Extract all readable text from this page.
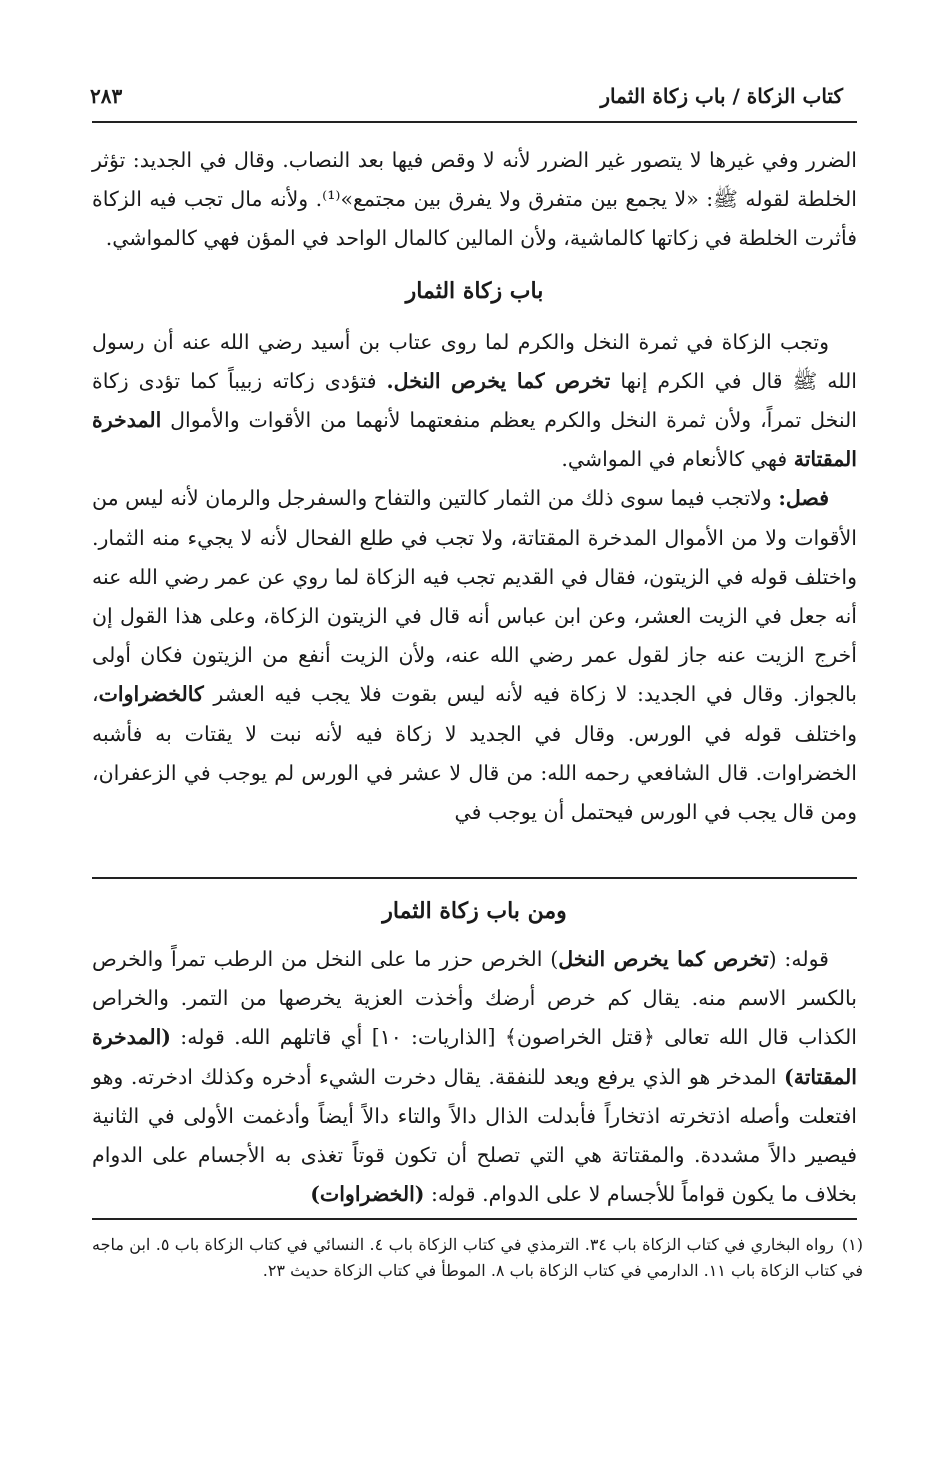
كتاب الزكاة / باب زكاة الثمار
٢٨٣

الضرر وفي غيرها لا يتصور غير الضرر لأنه لا وقص فيها بعد النصاب. وقال في الجديد: تؤثر الخلطة لقوله ﷺ: «لا يجمع بين متفرق ولا يفرق بين مجتمع»⁽¹⁾. ولأنه مال تجب فيه الزكاة فأثرت الخلطة في زكاتها كالماشية، ولأن المالين كالمال الواحد في المؤن فهي كالمواشي.

باب زكاة الثمار

وتجب الزكاة في ثمرة النخل والكرم لما روى عتاب بن أسيد رضي الله عنه أن رسول الله ﷺ قال في الكرم إنها تخرص كما يخرص النخل. فتؤدى زكاته زبيباً كما تؤدى زكاة النخل تمراً، ولأن ثمرة النخل والكرم يعظم منفعتهما لأنهما من الأقوات والأموال المدخرة المقتاتة فهي كالأنعام في المواشي.

فصل: ولاتجب فيما سوى ذلك من الثمار كالتين والتفاح والسفرجل والرمان لأنه ليس من الأقوات ولا من الأموال المدخرة المقتاتة، ولا تجب في طلع الفحال لأنه لا يجيء منه الثمار. واختلف قوله في الزيتون، فقال في القديم تجب فيه الزكاة لما روي عن عمر رضي الله عنه أنه جعل في الزيت العشر، وعن ابن عباس أنه قال في الزيتون الزكاة، وعلى هذا القول إن أخرج الزيت عنه جاز لقول عمر رضي الله عنه، ولأن الزيت أنفع من الزيتون فكان أولى بالجواز. وقال في الجديد: لا زكاة فيه لأنه ليس بقوت فلا يجب فيه العشر كالخضراوات، واختلف قوله في الورس. وقال في الجديد لا زكاة فيه لأنه نبت لا يقتات به فأشبه الخضراوات. قال الشافعي رحمه الله: من قال لا عشر في الورس لم يوجب في الزعفران، ومن قال يجب في الورس فيحتمل أن يوجب في

ومن باب زكاة الثمار

قوله: (تخرص كما يخرص النخل) الخرص حزر ما على النخل من الرطب تمراً والخرص بالكسر الاسم منه. يقال كم خرص أرضك وأخذت العزية يخرصها من التمر. والخراص الكذاب قال الله تعالى ﴿قتل الخراصون﴾ [الذاريات: ١٠] أي قاتلهم الله. قوله: (المدخرة المقتاتة) المدخر هو الذي يرفع ويعد للنفقة. يقال دخرت الشيء أدخره وكذلك ادخرته. وهو افتعلت وأصله اذتخرته اذتخاراً فأبدلت الذال دالاً والتاء دالاً أيضاً وأدغمت الأولى في الثانية فيصير دالاً مشددة. والمقتاتة هي التي تصلح أن تكون قوتاً تغذى به الأجسام على الدوام بخلاف ما يكون قواماً للأجسام لا على الدوام. قوله: (الخضراوات)

(١)رواه البخاري في كتاب الزكاة باب ٣٤. الترمذي في كتاب الزكاة باب ٤. النسائي في كتاب الزكاة باب ٥. ابن ماجه في كتاب الزكاة باب ١١. الدارمي في كتاب الزكاة باب ٨. الموطأ في كتاب الزكاة حديث ٢٣.
